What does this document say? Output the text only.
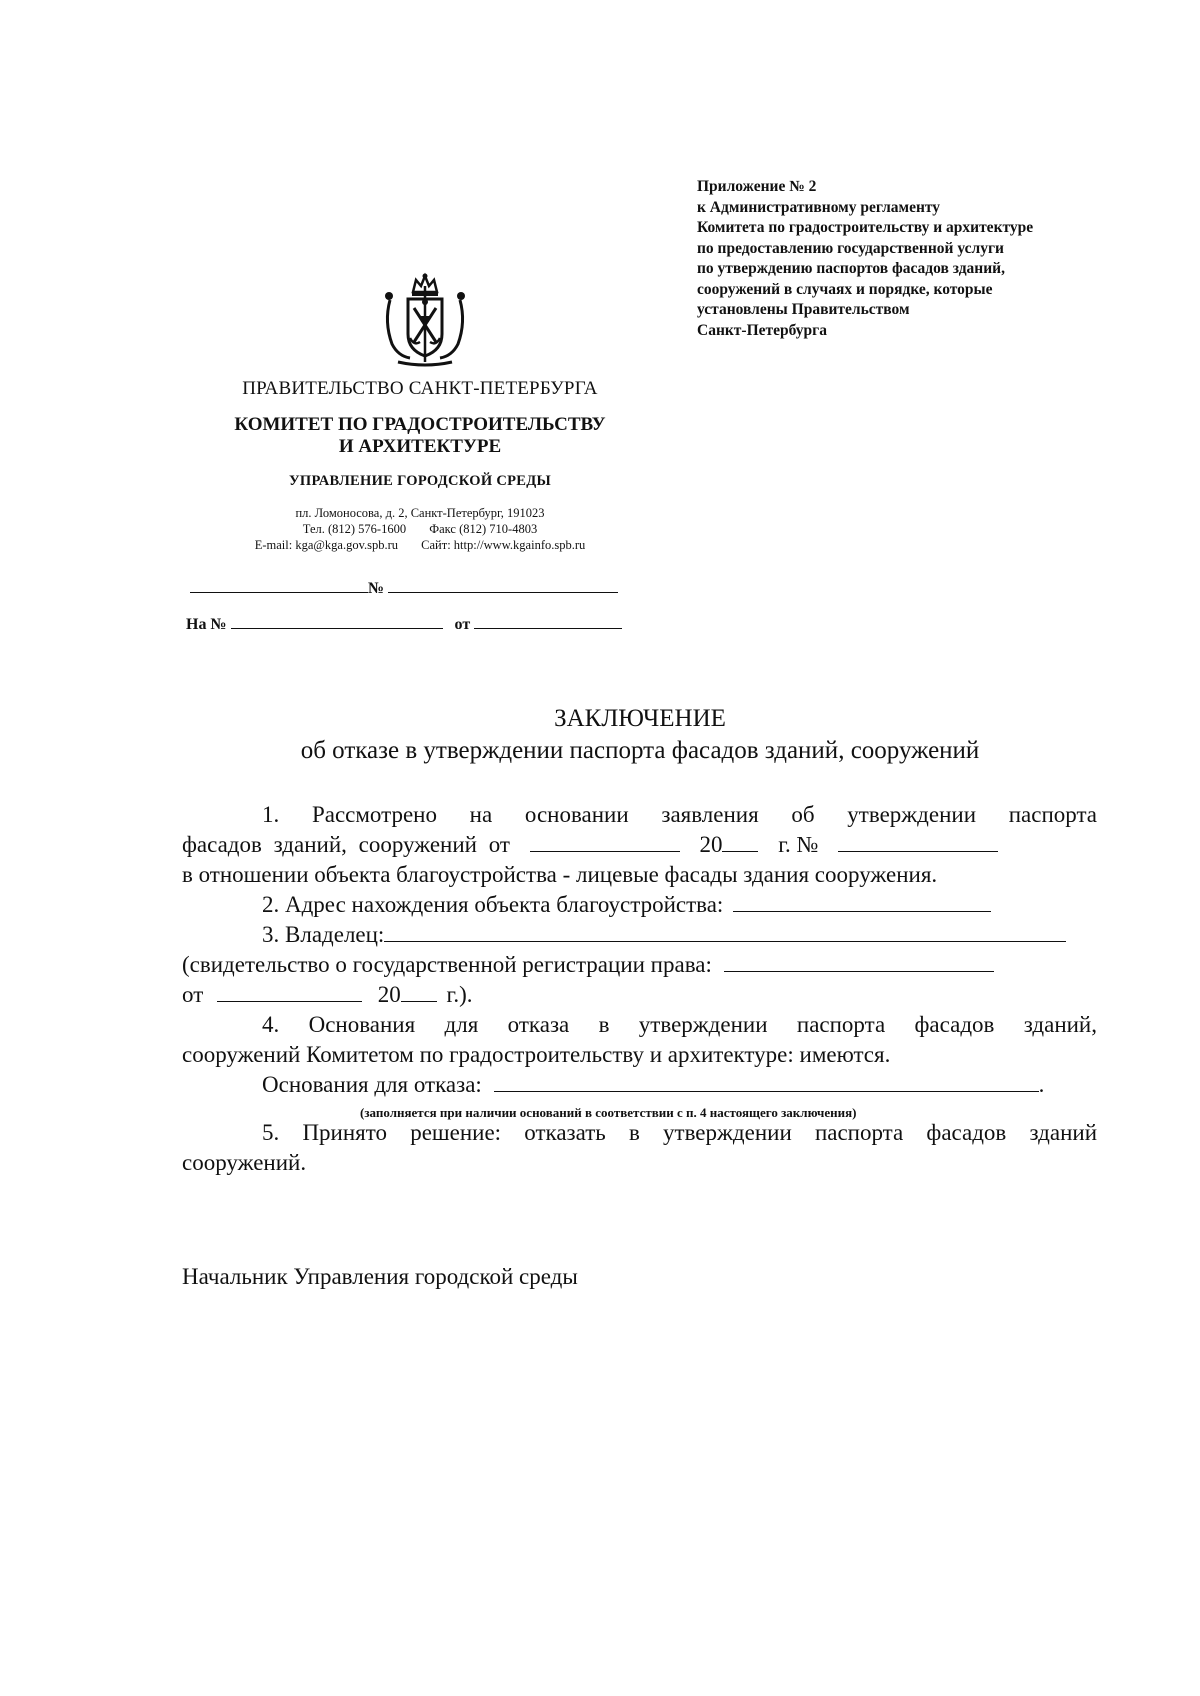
Приложение № 2
к Административному регламенту
Комитета по градостроительству и архитектуре
по предоставлению государственной услуги
по утверждению паспортов фасадов зданий,
сооружений в случаях и порядке, которые
установлены Правительством
Санкт-Петербурга
ПРАВИТЕЛЬСТВО САНКТ-ПЕТЕРБУРГА
КОМИТЕТ ПО ГРАДОСТРОИТЕЛЬСТВУ
И АРХИТЕКТУРЕ
УПРАВЛЕНИЕ ГОРОДСКОЙ СРЕДЫ
пл. Ломоносова, д. 2, Санкт-Петербург, 191023
Тел. (812) 576-1600 Факс (812) 710-4803
E-mail: kga@kga.gov.spb.ru Сайт: http://www.kgainfo.spb.ru
№
На №	от
ЗАКЛЮЧЕНИЕ
об отказе в утверждении паспорта фасадов зданий, сооружений
1. Рассмотрено на основании заявления об утверждении паспорта
фасадов зданий, сооружений от	20 г. №
в отношении объекта благоустройства - лицевые фасады здания сооружения.
2. Адрес нахождения объекта благоустройства:
3. Владелец:
(свидетельство о государственной регистрации права:
от	20 г.).
4. Основания для отказа в утверждении паспорта фасадов зданий,
сооружений Комитетом по градостроительству и архитектуре: имеются.
Основания для отказа:	.
(заполняется при наличии оснований в соответствии с п. 4 настоящего заключения)
5. Принято решение: отказать в утверждении паспорта фасадов зданий
сооружений.
Начальник Управления городской среды
